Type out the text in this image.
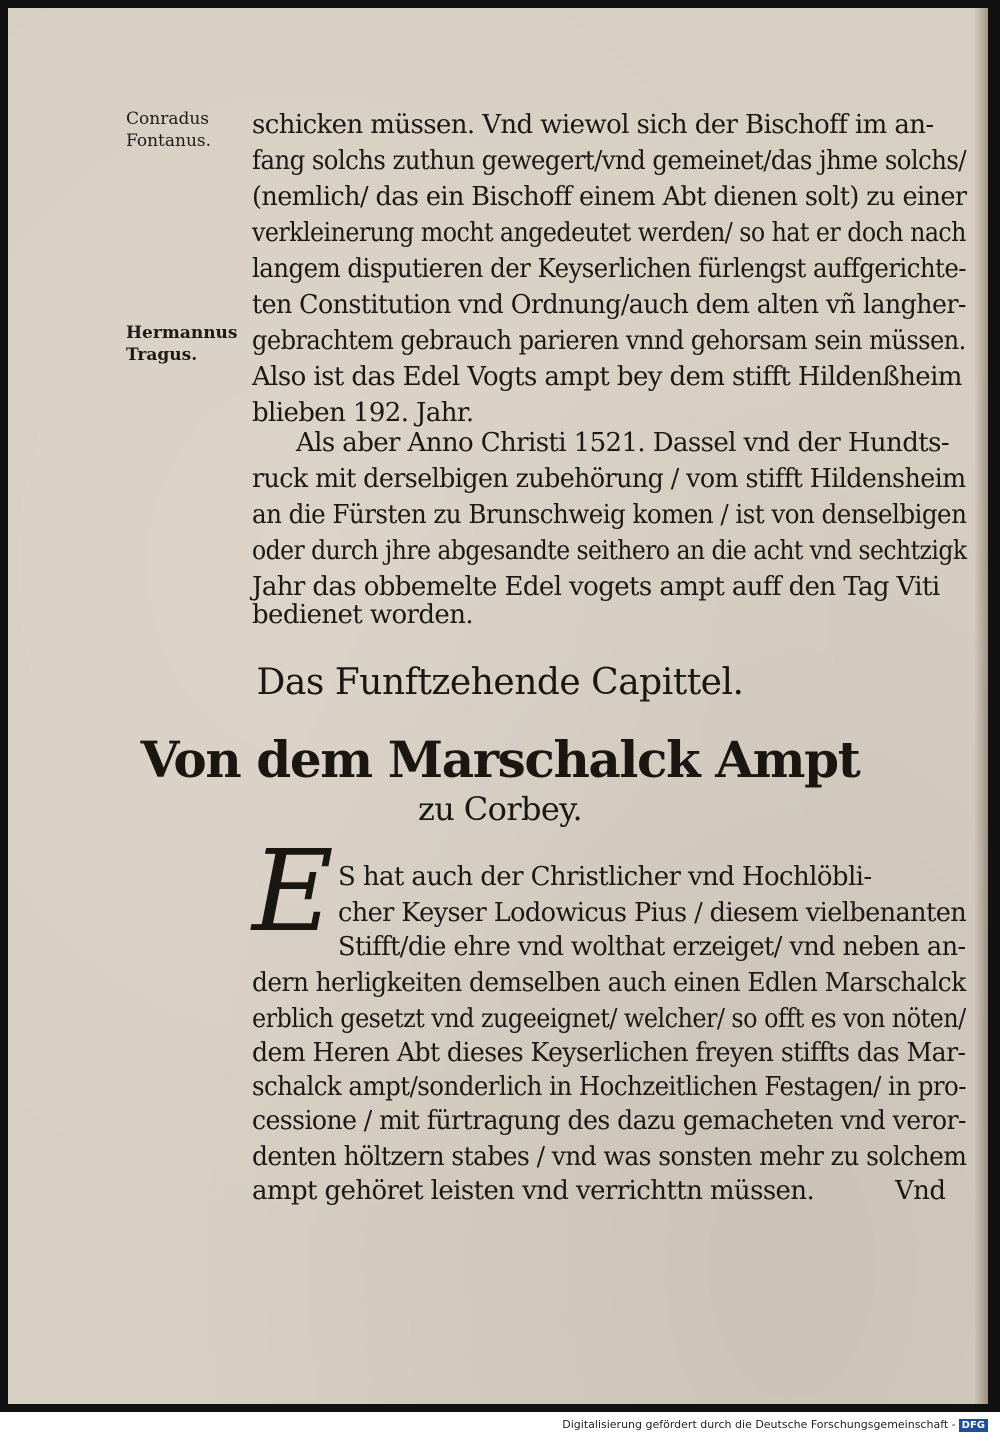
Conradus
Fontanus.
Hermannus
Tragus.
schicken müssen. Vnd wiewol sich der Bischoff im an-
fang solchs zuthun gewegert/vnd gemeinet/das jhme solchs/
(nemlich/ das ein Bischoff einem Abt dienen solt) zu einer
verkleinerung mocht angedeutet werden/ so hat er doch nach
langem disputieren der Keyserlichen fürlengst auffgerichte-
ten Constitution vnd Ordnung/auch dem alten vñ langher-
gebrachtem gebrauch parieren vnnd gehorsam sein müssen.
Also ist das Edel Vogts ampt bey dem stifft Hildenßheim
blieben 192. Jahr.
Als aber Anno Christi 1521. Dassel vnd der Hundts-
ruck mit derselbigen zubehörung / vom stifft Hildensheim
an die Fürsten zu Brunschweig komen / ist von denselbigen
oder durch jhre abgesandte seithero an die acht vnd sechtzigk
Jahr das obbemelte Edel vogets ampt auff den Tag Viti
bedienet worden.
Das Funftzehende Capittel.
Von dem Marschalck Ampt
zu Corbey.
E S hat auch der Christlicher vnd Hochlöbli-
cher Keyser Lodowicus Pius / diesem vielbenanten
Stifft/die ehre vnd wolthat erzeiget/ vnd neben an-
dern herligkeiten demselben auch einen Edlen Marschalck
erblich gesetzt vnd zugeeignet/ welcher/ so offt es von nöten/
dem Heren Abt dieses Keyserlichen freyen stiffts das Mar-
schalck ampt/sonderlich in Hochzeitlichen Festagen/ in pro-
cessione / mit fürtragung des dazu gemacheten vnd veror-
denten höltzern stabes / vnd was sonsten mehr zu solchem
ampt gehöret leisten vnd verrichttn müssen.	Vnd
Digitalisierung gefördert durch die Deutsche Forschungsgemeinschaft - DFG
